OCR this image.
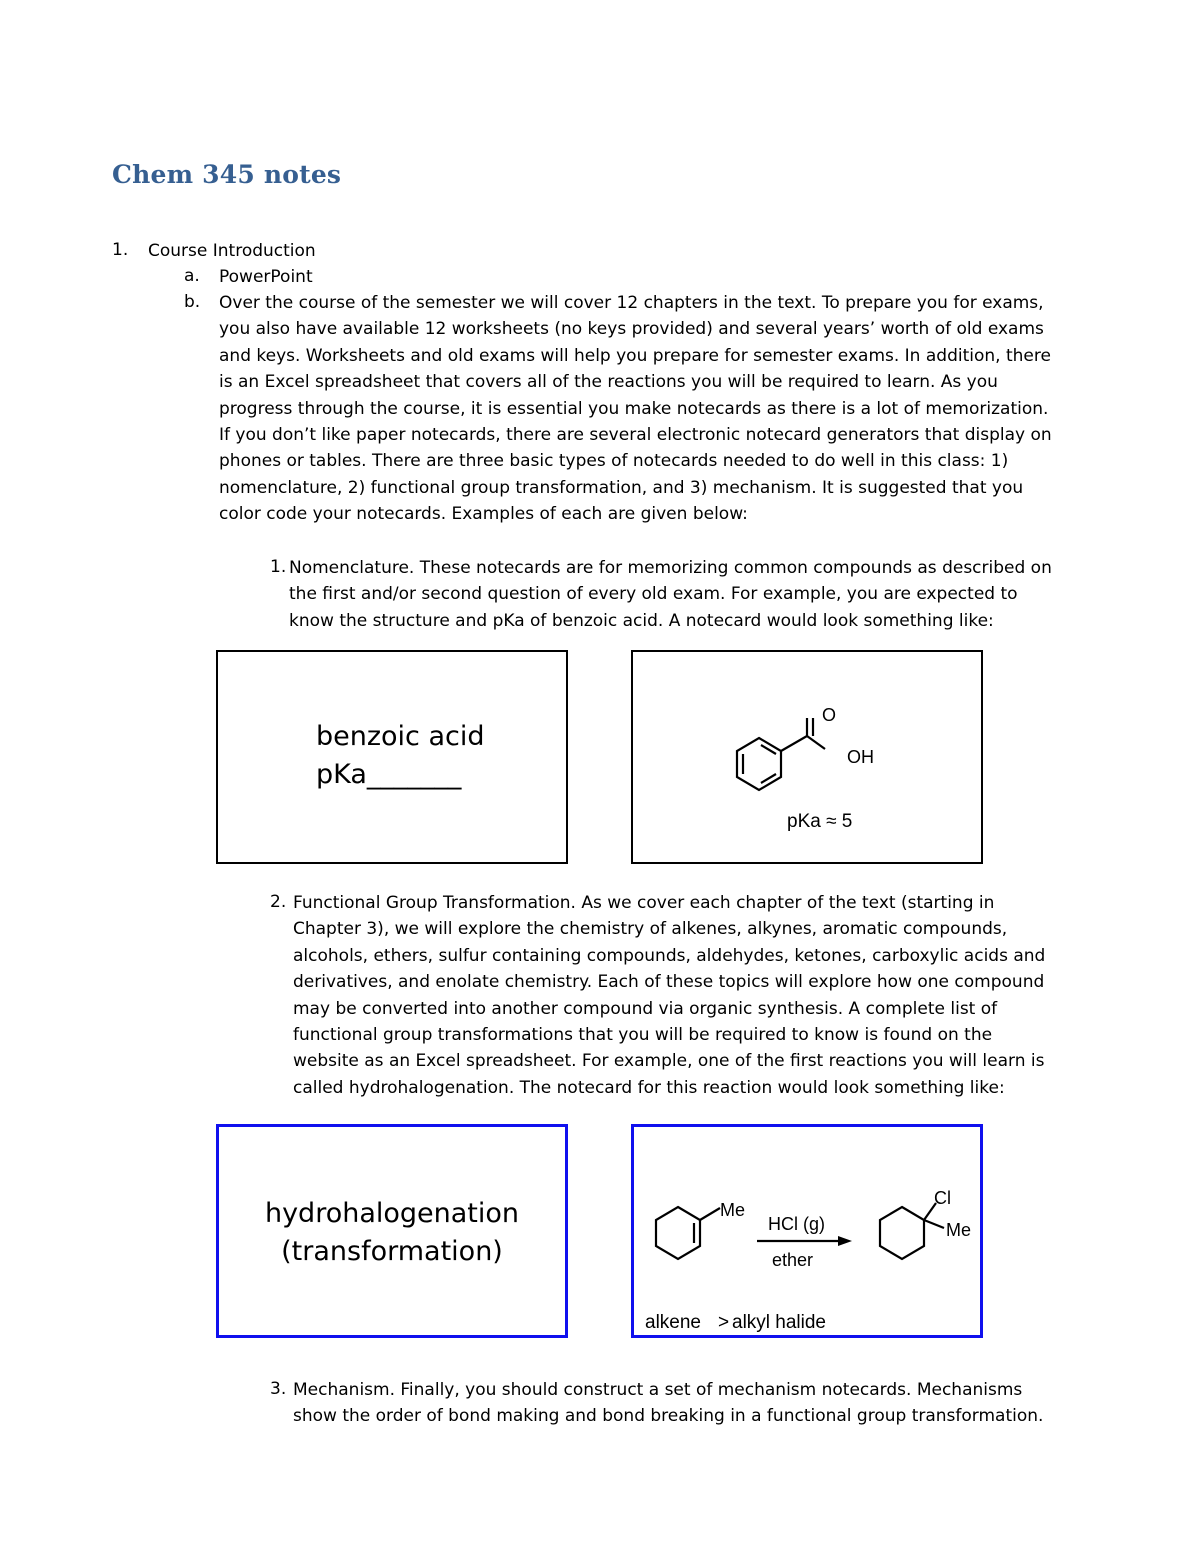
Chem 345 notes
1. Course Introduction
a. PowerPoint
b. Over the course of the semester we will cover 12 chapters in the text. To prepare you for exams,
you also have available 12 worksheets (no keys provided) and several years’ worth of old exams
and keys. Worksheets and old exams will help you prepare for semester exams. In addition, there
is an Excel spreadsheet that covers all of the reactions you will be required to learn. As you
progress through the course, it is essential you make notecards as there is a lot of memorization.
If you don’t like paper notecards, there are several electronic notecard generators that display on
phones or tables. There are three basic types of notecards needed to do well in this class: 1)
nomenclature, 2) functional group transformation, and 3) mechanism. It is suggested that you
color code your notecards. Examples of each are given below:
1. Nomenclature. These notecards are for memorizing common compounds as described on
the first and/or second question of every old exam. For example, you are expected to
know the structure and pKa of benzoic acid. A notecard would look something like:
benzoic acid
pKa_______
O
OH
pKa ≈ 5
2. Functional Group Transformation. As we cover each chapter of the text (starting in
Chapter 3), we will explore the chemistry of alkenes, alkynes, aromatic compounds,
alcohols, ethers, sulfur containing compounds, aldehydes, ketones, carboxylic acids and
derivatives, and enolate chemistry. Each of these topics will explore how one compound
may be converted into another compound via organic synthesis. A complete list of
functional group transformations that you will be required to know is found on the
website as an Excel spreadsheet. For example, one of the first reactions you will learn is
called hydrohalogenation. The notecard for this reaction would look something like:
hydrohalogenation
(transformation)
Me
HCl (g)
ether
Cl
Me
alkene > alkyl halide
3. Mechanism. Finally, you should construct a set of mechanism notecards. Mechanisms
show the order of bond making and bond breaking in a functional group transformation.
